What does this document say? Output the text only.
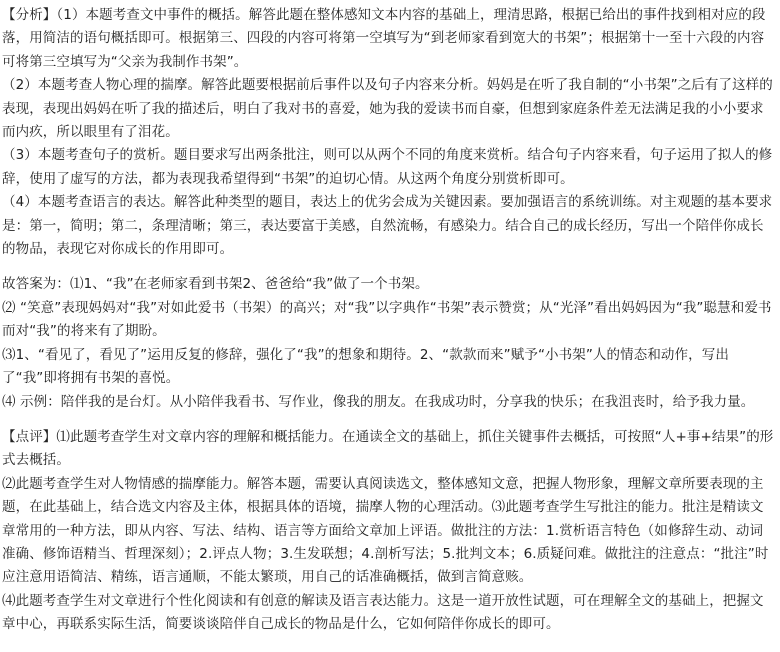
【分析】（1）本题考查文中事件的概括。解答此题在整体感知文本内容的基础上，理清思路，根据已给出的事件找到相对应的段落，用简洁的语句概括即可。根据第三、四段的内容可将第一空填写为“到老师家看到宽大的书架”；根据第十一至十六段的内容可将第三空填写为“父亲为我制作书架”。

（2）本题考查人物心理的揣摩。解答此题要根据前后事件以及句子内容来分析。妈妈是在听了我自制的“小书架”之后有了这样的表现，表现出妈妈在听了我的描述后，明白了我对书的喜爱，她为我的爱读书而自豪，但想到家庭条件差无法满足我的小小要求而内疚，所以眼里有了泪花。

（3）本题考查句子的赏析。题目要求写出两条批注，则可以从两个不同的角度来赏析。结合句子内容来看，句子运用了拟人的修辞，使用了虚写的方法，都为表现我希望得到“书架”的迫切心情。从这两个角度分别赏析即可。

（4）本题考查语言的表达。解答此种类型的题目，表达上的优劣会成为关键因素。要加强语言的系统训练。对主观题的基本要求是：第一，简明；第二，条理清晰；第三，表达要富于美感，自然流畅，有感染力。结合自己的成长经历，写出一个陪伴你成长的物品，表现它对你成长的作用即可。

故答案为：⑴1、“我”在老师家看到书架2、爸爸给“我”做了一个书架。

⑵ “笑意”表现妈妈对“我”对如此爱书（书架）的高兴；对“我”以字典作“书架”表示赞赏；从“光泽”看出妈妈因为“我”聪慧和爱书而对“我”的将来有了期盼。

⑶1、“看见了，看见了”运用反复的修辞，强化了“我”的想象和期待。2、“款款而来”赋予“小书架”人的情态和动作，写出了“我”即将拥有书架的喜悦。

⑷ 示例：陪伴我的是台灯。从小陪伴我看书、写作业，像我的朋友。在我成功时，分享我的快乐；在我沮丧时，给予我力量。

【点评】⑴此题考查学生对文章内容的理解和概括能力。在通读全文的基础上，抓住关键事件去概括，可按照“人+事+结果”的形式去概括。

⑵此题考查学生对人物情感的揣摩能力。解答本题，需要认真阅读选文，整体感知文意，把握人物形象，理解文章所要表现的主题，在此基础上，结合选文内容及主体，根据具体的语境，揣摩人物的心理活动。⑶此题考查学生写批注的能力。批注是精读文章常用的一种方法，即从内容、写法、结构、语言等方面给文章加上评语。做批注的方法：1.赏析语言特色（如修辞生动、动词准确、修饰语精当、哲理深刻）；2.评点人物；3.生发联想；4.剖析写法；5.批判文本；6.质疑问难。做批注的注意点：“批注”时应注意用语简洁、精练，语言通顺，不能太繁琐，用自己的话准确概括，做到言简意赅。

⑷此题考查学生对文章进行个性化阅读和有创意的解读及语言表达能力。这是一道开放性试题，可在理解全文的基础上，把握文章中心，再联系实际生活，简要谈谈陪伴自己成长的物品是什么，它如何陪伴你成长的即可。
